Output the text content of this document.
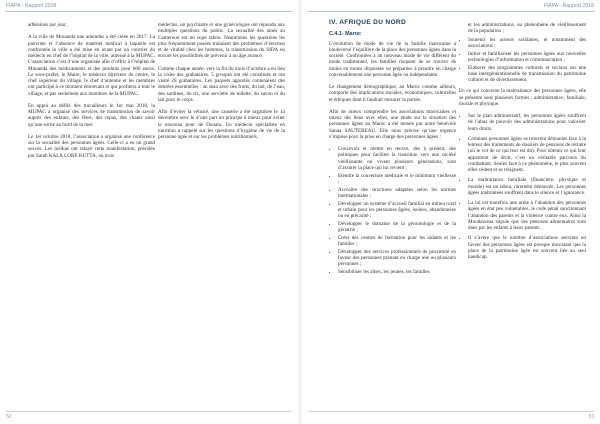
FIAPA - Rapport 2018

adhésions par jour.

A la ville de Mouanda une amendes a été créée en 2017. La pauvreté et l’absence de matériel médical à laquelle est confrontée la ville a été mise en avant par un courrier du médecin en chef de l’hôpital de la ville, adressé à la MUPAC. L’association s’est d’une organisée afin d’offrir à l’hôpital de Mouanda des médicaments et des produits pour 600 euros. Le sous-préfet, le Maire, le médecin directeur du centre, le chef supérieur du village, le chef d’antenne et les membres ont participé à ce moment émouvant et qui profitera à tout le village, et pas seulement aux membres de la MUPAC.

En appui au défilé des travailleurs le 1er mai 2018, la MUPAC a organisé des services de transmission de savoir auprès des enfants, des fêtes, des repas, des chants ainsi qu’une sortie au bord de la mer.

Le 1er octobre 2018, l’association a organisé une conférence sur la sexualité des personnes âgées. Celle-ci a eu un grand succès. Les médias ont relayé cette manifestation, présidée par Sarah KALA LOBE KUTTA, où trois

médecins, un psychiatre et une gynécologue ont répondu aux multiples questions du public. La sexualité des aînés au Cameroun est un sujet tabou. Néanmoins les questions les plus fréquemment posées traitaient des problèmes d’érection et de vitalité chez les hommes, la transmission du SIDA ou encore les possibilités de prévenir à un âge avancé.

Comme chaque année, vers la fin du mois d’octobre a eu lieu la visite des grabataires. 5 groupes ont été constitués et ont visité 28 grabataires. Les paquets apportés contenaient des denrées essentielles : un seau avec des fruits, du lait, de l’eau, des sardines, du riz, une serviette de toilette, du savon et du lait pour le corps.

Afin d’éviter la vétusté, une causerie a été organisée le 14 décembre avec le d’une part un principe à mieux pour éviter le nouveau pour de Douala. Un médecin spécialiste en nutrition a rappelé sur les questions d’hygiène de vie de la personne âgée et sur les problèmes nutritionnels.

52
FIAPA - Rapport 2018
IV. AFRIQUE DU NORD
C.4.1- Maroc

L’évolution de mode de vie de la famille marocaine a bouleversé l’équilibre de la place des personnes âgées dans la société. Confrontées à un nouveau mode de vie différent du mode traditionnel, les familles risquent de se trouver de moins en moins disposées ou préparées à prendre en charge convenablement une personne âgée ou indépendante.

Le changement démographique, au Maroc comme ailleurs, comporte des implications sociales, économiques, culturelles et éthiques dont il faudrait mesurer la portée.

Afin de mieux comprendre les associations marocaines et mieux des liens avec elles, une étude sur la situation des personnes âgées au Maroc a été menée par notre bénévole Sanaa SAUTEREAU. Elle nous précise qu’une urgence s’impose pour la prise en charge des personnes âgées :

• Concevoir et mettre en œuvre, dès à présent, des politiques pour faciliter la transition vers une société vieillissante ou vivent plusieurs générations, sont d’assurer la place qui lui revient ;
• Etendre la couverture médicale et le minimum vieillesse ;
• Accroître des structures adaptées selon les normes internationales ;
• Développer un système d’accueil familial en milieu rural et urbain pour les personnes âgées, isolées, abandonnées ou en précarité ;
• Développer le domaine de la gérontologie et de la gériatrie ;
• Créer des centres de formation pour les aidants et les familles ;
• Développer des services professionnels de proximité en faveur des personnes prenant en charge une ou plusieurs personnes ;
• Sensibiliser les aînés, les jeunes, les familles

et les administrations, au phénomène de vieillissement de la population ;

• Soutenir les acteurs solidaires, et notamment des associations ;
• Initier et familiariser les personnes âgées aux nouvelles technologies d’information et communication ;
• Elaborer des programmes culturels et sociaux sur une base intergénérationnelle de transmission du patrimoine culturel et de divertissement.

En ce qui concerne la maltraitance des personnes âgées, elle se présente sous plusieurs formes : administrative, familiale, morale et physique.

• Sur le plan administratif, les personnes âgées souffrent de l’abus de pouvoir des administrations pour valoriser leurs droits.
• Certaines personnes âgées se trouvent démunies face à la lenteur des traitements de dossiers de pensions de retraite (où le vol de ce qui leur est dû). Pour obtenir ce qui leur appartient de droit, c’est un véritable parcours du combattant. Seules face à ce phénomène, le plus souvent elles cèdent et se résignent.
• La maltraitance familiale (financière, physique et morale) est un tabou, rarement dénoncée. Les personnes âgées maltraitées souffrent dans le silence et l’ignorance.
• La loi est toutefois une arme à l’abandon des personnes âgées en état peu vulnérables, le code pénal sanctionnant l’abandon des parents et la violence contre eux. Ainsi la Moudawana stipule que des pensions alimentaires sont dues par les enfants à leurs parents.
• Il s’avère que le nombre d’associations œuvrant en faveur des personnes âgées est presque inexistant que la place de la patrimoine âgée est souvent liée au seul handicap.
53
